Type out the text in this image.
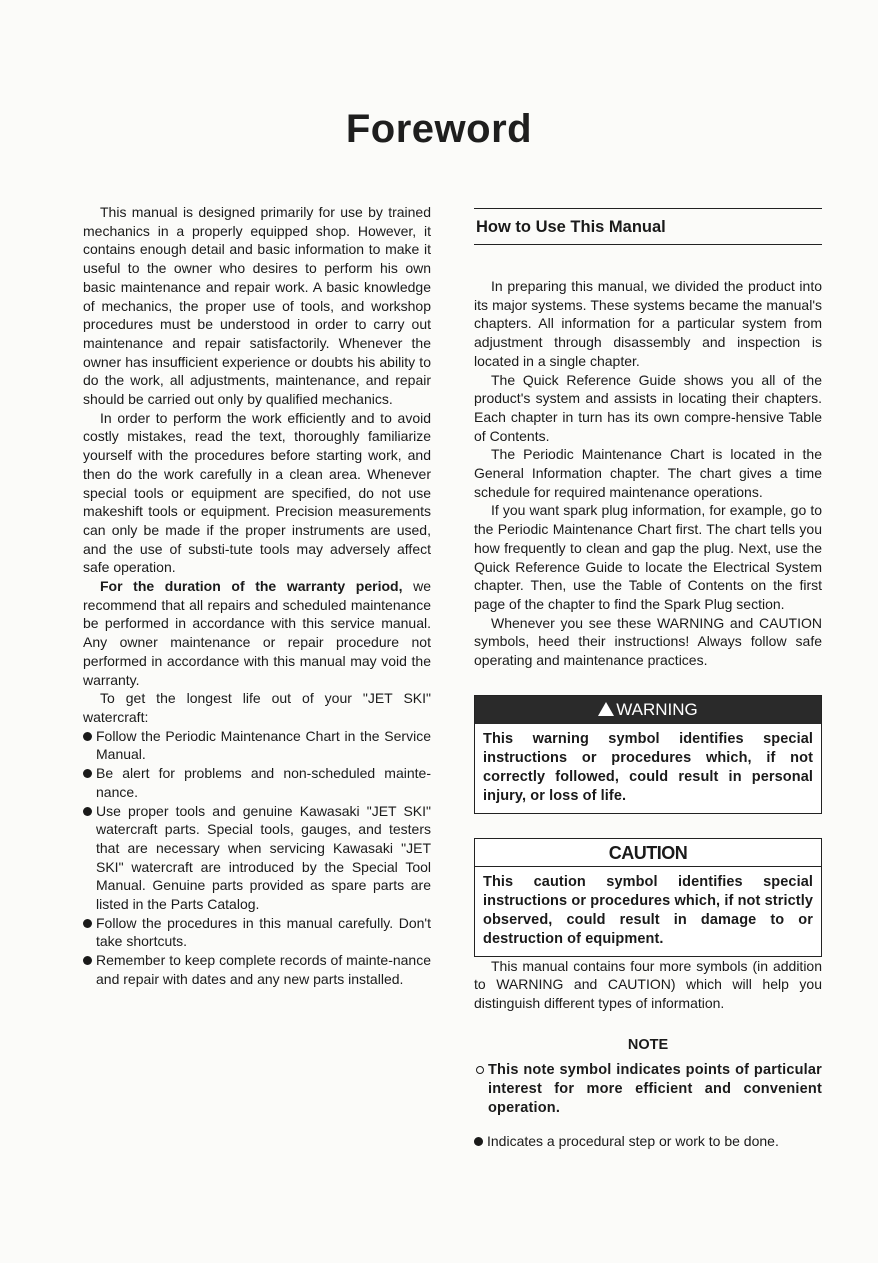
Foreword

This manual is designed primarily for use by trained mechanics in a properly equipped shop. However, it contains enough detail and basic information to make it useful to the owner who desires to perform his own basic maintenance and repair work. A basic knowledge of mechanics, the proper use of tools, and workshop procedures must be understood in order to carry out maintenance and repair satisfactorily. Whenever the owner has insufficient experience or doubts his ability to do the work, all adjustments, maintenance, and repair should be carried out only by qualified mechanics.

In order to perform the work efficiently and to avoid costly mistakes, read the text, thoroughly familiarize yourself with the procedures before starting work, and then do the work carefully in a clean area. Whenever special tools or equipment are specified, do not use makeshift tools or equipment. Precision measurements can only be made if the proper instruments are used, and the use of substi-tute tools may adversely affect safe operation.

For the duration of the warranty period, we recommend that all repairs and scheduled maintenance be performed in accordance with this service manual. Any owner maintenance or repair procedure not performed in accordance with this manual may void the warranty.

To get the longest life out of your "JET SKI" watercraft:

Follow the Periodic Maintenance Chart in the Service Manual.
Be alert for problems and non-scheduled mainte-nance.
Use proper tools and genuine Kawasaki "JET SKI" watercraft parts. Special tools, gauges, and testers that are necessary when servicing Kawasaki "JET SKI" watercraft are introduced by the Special Tool Manual. Genuine parts provided as spare parts are listed in the Parts Catalog.
Follow the procedures in this manual carefully. Don't take shortcuts.
Remember to keep complete records of mainte-nance and repair with dates and any new parts installed.
How to Use This Manual

In preparing this manual, we divided the product into its major systems. These systems became the manual's chapters. All information for a particular system from adjustment through disassembly and inspection is located in a single chapter.

The Quick Reference Guide shows you all of the product's system and assists in locating their chapters. Each chapter in turn has its own compre-hensive Table of Contents.

The Periodic Maintenance Chart is located in the General Information chapter. The chart gives a time schedule for required maintenance operations.

If you want spark plug information, for example, go to the Periodic Maintenance Chart first. The chart tells you how frequently to clean and gap the plug. Next, use the Quick Reference Guide to locate the Electrical System chapter. Then, use the Table of Contents on the first page of the chapter to find the Spark Plug section.

Whenever you see these WARNING and CAUTION symbols, heed their instructions! Always follow safe operating and maintenance practices.

WARNING
This warning symbol identifies special instructions or procedures which, if not correctly followed, could result in personal injury, or loss of life.
CAUTION
This caution symbol identifies special instructions or procedures which, if not strictly observed, could result in damage to or destruction of equipment.

This manual contains four more symbols (in addition to WARNING and CAUTION) which will help you distinguish different types of information.

NOTE
This note symbol indicates points of particular interest for more efficient and convenient operation.
Indicates a procedural step or work to be done.
